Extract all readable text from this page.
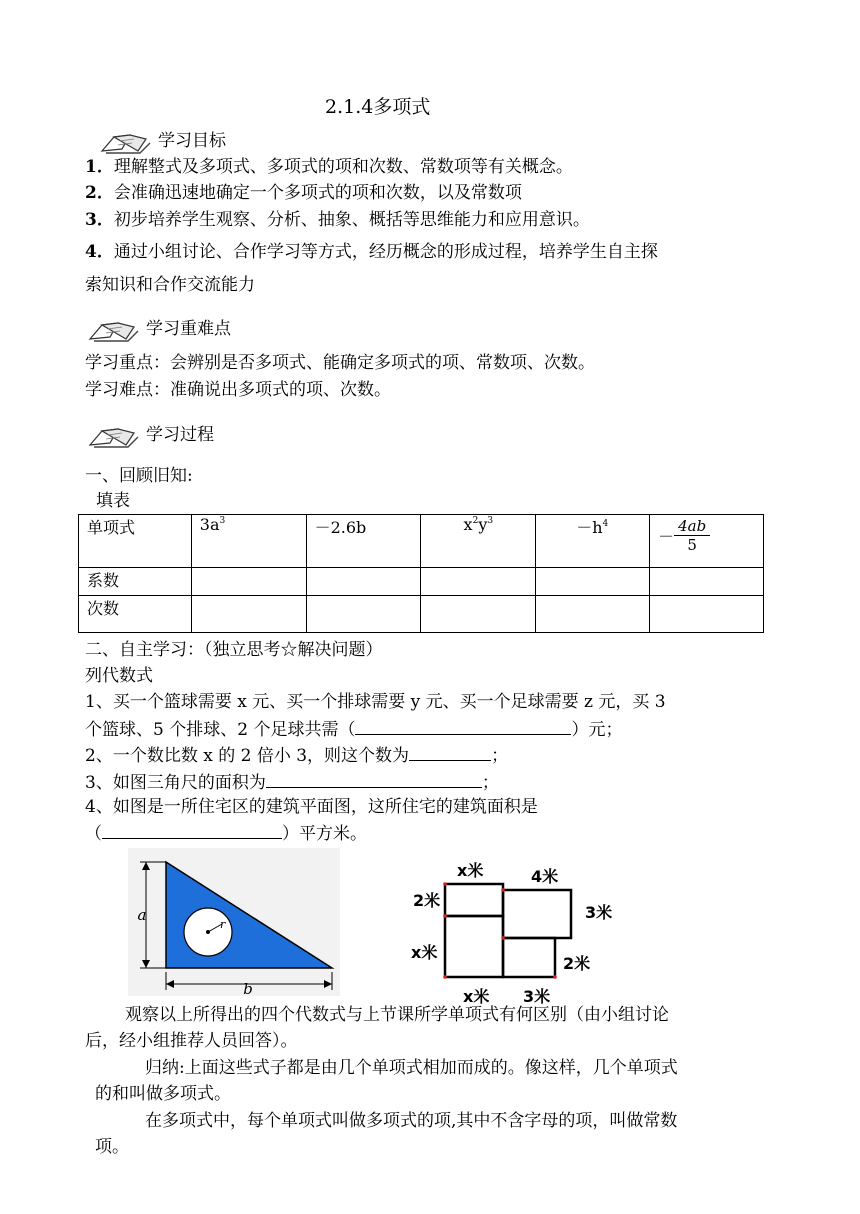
2.1.4多项式
学习目标
1．理解整式及多项式、多项式的项和次数、常数项等有关概念。
2．会准确迅速地确定一个多项式的项和次数，以及常数项
3．初步培养学生观察、分析、抽象、概括等思维能力和应用意识。
4．通过小组讨论、合作学习等方式，经历概念的形成过程，培养学生自主探
索知识和合作交流能力
学习重难点
学习重点：会辨别是否多项式、能确定多项式的项、常数项、次数。
学习难点：准确说出多项式的项、次数。
学习过程
一、回顾旧知:
填表
单项式	$3a^3$	－2.6b	$x^2y^3$	$-h^4$	－ $\frac{4ab}{5}$

系数					
次数					
二、自主学习：（独立思考☆解决问题）
列代数式
1、买一个篮球需要 x 元、买一个排球需要 y 元、买一个足球需要 z 元，买 3
个篮球、5 个排球、2 个足球共需（	）元；
2、一个数比数 x 的 2 倍小 3，则这个数为	；
3、如图三角尺的面积为	；
4、如图是一所住宅区的建筑平面图，这所住宅的建筑面积是
（	）平方米。
a
b
r
x米	4米
2米
3米
x米
2米
x米 3米
观察以上所得出的四个代数式与上节课所学单项式有何区别（由小组讨论
后，经小组推荐人员回答）。
归纳:上面这些式子都是由几个单项式相加而成的。像这样，几个单项式
的和叫做多项式。
在多项式中，每个单项式叫做多项式的项,其中不含字母的项，叫做常数
项。
